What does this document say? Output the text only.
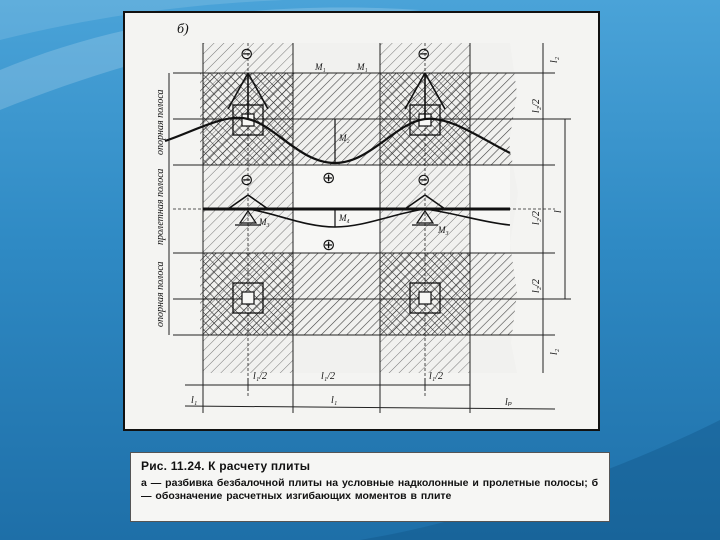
б)
M₁	M₁
M₂
M₃
M₃
M₄
⊖	⊖
⊖	⊖
⊕
⊕
опорная полоса
пролетная полоса
опорная полоса
l₂
l₂/2
l₂/2 l
l₂/2
l₂
l₁/2	l₁/2	l₁/2
l₁	l₁	lₚ

Рис. 11.24. К расчету плиты

а — разбивка безбалочной плиты на условные надколонные и пролетные полосы; б — обозначение расчетных изгибающих моментов в плите
